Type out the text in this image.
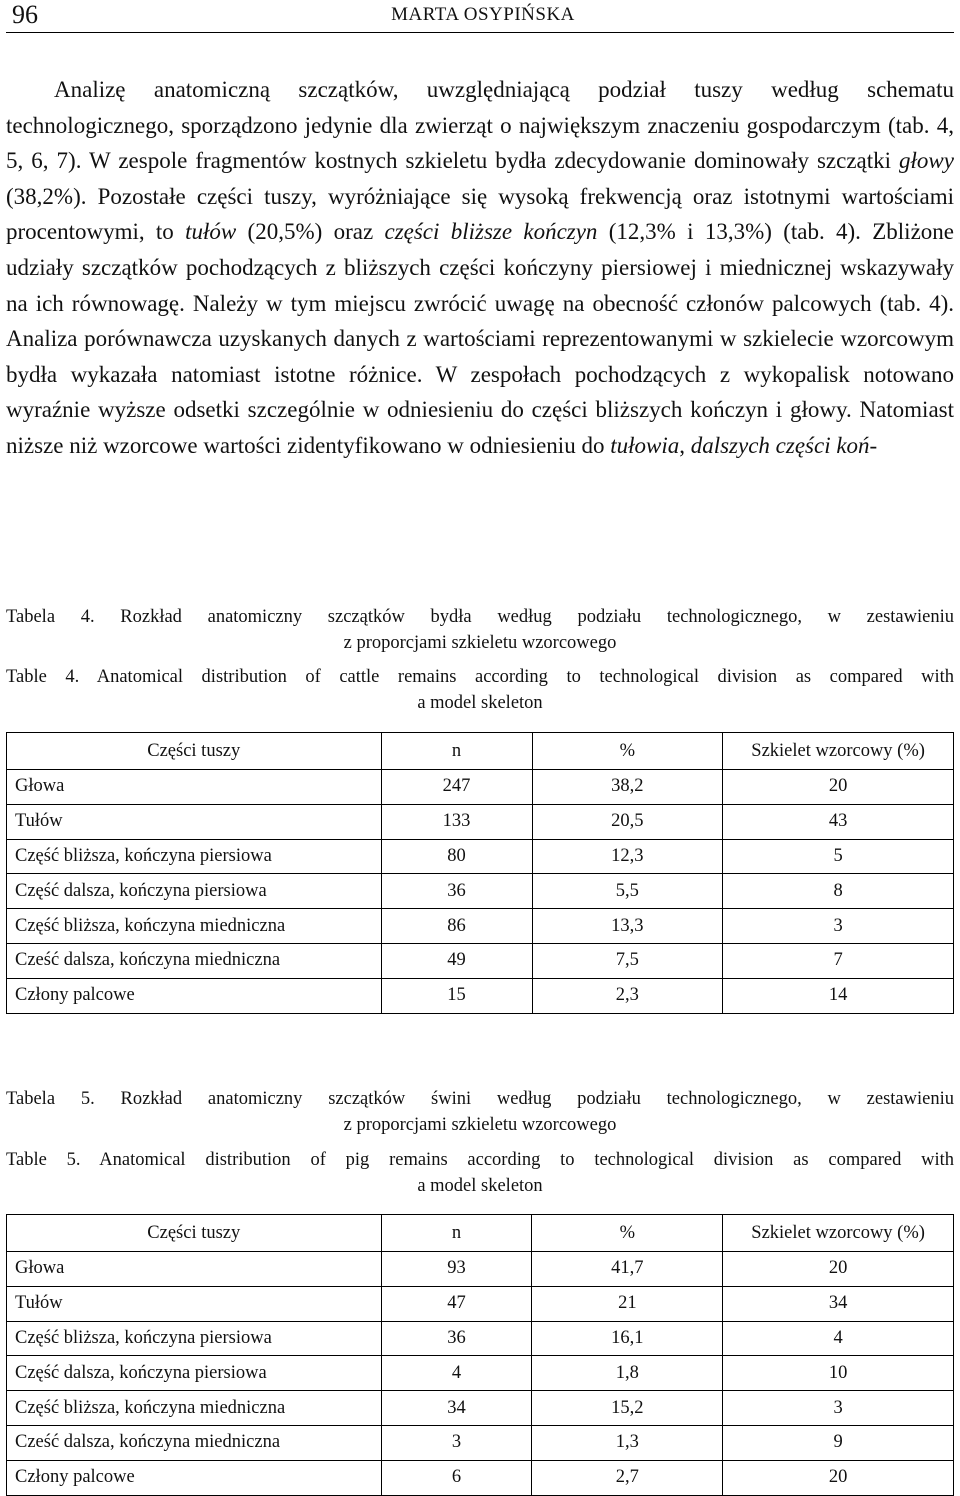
96	MARTA OSYPIŃSKA

Analizę anatomiczną szczątków, uwzględniającą podział tuszy według schematu technologicznego, sporządzono jedynie dla zwierząt o największym znaczeniu gospodarczym (tab. 4, 5, 6, 7). W zespole fragmentów kostnych szkieletu bydła zdecydowanie dominowały szczątki głowy (38,2%). Pozostałe części tuszy, wyróżniające się wysoką frekwencją oraz istotnymi wartościami procentowymi, to tułów (20,5%) oraz części bliższe kończyn (12,3% i 13,3%) (tab. 4). Zbliżone udziały szczątków pochodzących z bliższych części kończyny piersiowej i miednicznej wskazywały na ich równowagę. Należy w tym miejscu zwrócić uwagę na obecność członów palcowych (tab. 4). Analiza porównawcza uzyskanych danych z wartościami reprezentowanymi w szkielecie wzorcowym bydła wykazała natomiast istotne różnice. W zespołach pochodzących z wykopalisk notowano wyraźnie wyższe odsetki szczególnie w odniesieniu do części bliższych kończyn i głowy. Natomiast niższe niż wzorcowe wartości zidentyfikowano w odniesieniu do tułowia, dalszych części koń-

Tabela 4. Rozkład anatomiczny szczątków bydła według podziału technologicznego, w zestawieniu
z proporcjami szkieletu wzorcowego
Table 4. Anatomical distribution of cattle remains according to technological division as compared with
a model skeleton
Części tuszy	n	%	Szkielet wzorcowy (%)
Głowa	247	38,2	20
Tułów	133	20,5	43
Część bliższa, kończyna piersiowa	80	12,3	5
Część dalsza, kończyna piersiowa	36	5,5	8
Część bliższa, kończyna miedniczna	86	13,3	3
Cześć dalsza, kończyna miedniczna	49	7,5	7
Człony palcowe	15	2,3	14
Tabela 5. Rozkład anatomiczny szczątków świni według podziału technologicznego, w zestawieniu
z proporcjami szkieletu wzorcowego
Table 5. Anatomical distribution of pig remains according to technological division as compared with
a model skeleton
Części tuszy	n	%	Szkielet wzorcowy (%)
Głowa	93	41,7	20
Tułów	47	21	34
Część bliższa, kończyna piersiowa	36	16,1	4
Część dalsza, kończyna piersiowa	4	1,8	10
Część bliższa, kończyna miedniczna	34	15,2	3
Cześć dalsza, kończyna miedniczna	3	1,3	9
Człony palcowe	6	2,7	20
